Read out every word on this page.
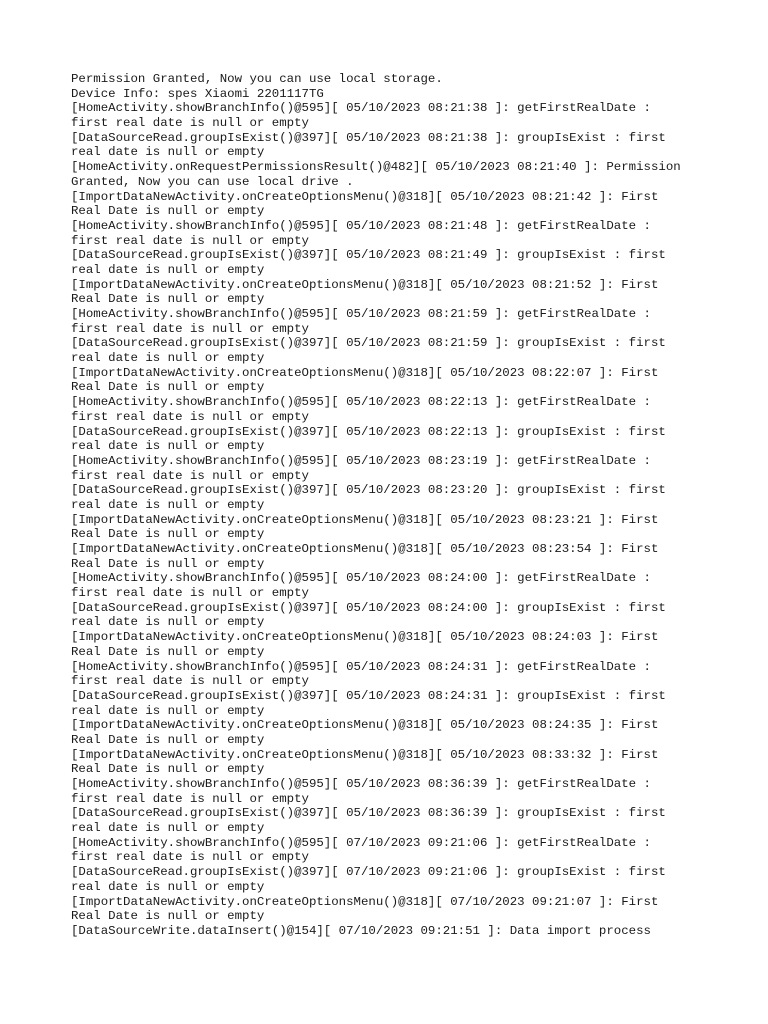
Permission Granted, Now you can use local storage.
Device Info: spes Xiaomi 2201117TG
[HomeActivity.showBranchInfo()@595][ 05/10/2023 08:21:38 ]: getFirstRealDate :
first real date is null or empty
[DataSourceRead.groupIsExist()@397][ 05/10/2023 08:21:38 ]: groupIsExist : first
real date is null or empty
[HomeActivity.onRequestPermissionsResult()@482][ 05/10/2023 08:21:40 ]: Permission
Granted, Now you can use local drive .
[ImportDataNewActivity.onCreateOptionsMenu()@318][ 05/10/2023 08:21:42 ]: First
Real Date is null or empty
[HomeActivity.showBranchInfo()@595][ 05/10/2023 08:21:48 ]: getFirstRealDate :
first real date is null or empty
[DataSourceRead.groupIsExist()@397][ 05/10/2023 08:21:49 ]: groupIsExist : first
real date is null or empty
[ImportDataNewActivity.onCreateOptionsMenu()@318][ 05/10/2023 08:21:52 ]: First
Real Date is null or empty
[HomeActivity.showBranchInfo()@595][ 05/10/2023 08:21:59 ]: getFirstRealDate :
first real date is null or empty
[DataSourceRead.groupIsExist()@397][ 05/10/2023 08:21:59 ]: groupIsExist : first
real date is null or empty
[ImportDataNewActivity.onCreateOptionsMenu()@318][ 05/10/2023 08:22:07 ]: First
Real Date is null or empty
[HomeActivity.showBranchInfo()@595][ 05/10/2023 08:22:13 ]: getFirstRealDate :
first real date is null or empty
[DataSourceRead.groupIsExist()@397][ 05/10/2023 08:22:13 ]: groupIsExist : first
real date is null or empty
[HomeActivity.showBranchInfo()@595][ 05/10/2023 08:23:19 ]: getFirstRealDate :
first real date is null or empty
[DataSourceRead.groupIsExist()@397][ 05/10/2023 08:23:20 ]: groupIsExist : first
real date is null or empty
[ImportDataNewActivity.onCreateOptionsMenu()@318][ 05/10/2023 08:23:21 ]: First
Real Date is null or empty
[ImportDataNewActivity.onCreateOptionsMenu()@318][ 05/10/2023 08:23:54 ]: First
Real Date is null or empty
[HomeActivity.showBranchInfo()@595][ 05/10/2023 08:24:00 ]: getFirstRealDate :
first real date is null or empty
[DataSourceRead.groupIsExist()@397][ 05/10/2023 08:24:00 ]: groupIsExist : first
real date is null or empty
[ImportDataNewActivity.onCreateOptionsMenu()@318][ 05/10/2023 08:24:03 ]: First
Real Date is null or empty
[HomeActivity.showBranchInfo()@595][ 05/10/2023 08:24:31 ]: getFirstRealDate :
first real date is null or empty
[DataSourceRead.groupIsExist()@397][ 05/10/2023 08:24:31 ]: groupIsExist : first
real date is null or empty
[ImportDataNewActivity.onCreateOptionsMenu()@318][ 05/10/2023 08:24:35 ]: First
Real Date is null or empty
[ImportDataNewActivity.onCreateOptionsMenu()@318][ 05/10/2023 08:33:32 ]: First
Real Date is null or empty
[HomeActivity.showBranchInfo()@595][ 05/10/2023 08:36:39 ]: getFirstRealDate :
first real date is null or empty
[DataSourceRead.groupIsExist()@397][ 05/10/2023 08:36:39 ]: groupIsExist : first
real date is null or empty
[HomeActivity.showBranchInfo()@595][ 07/10/2023 09:21:06 ]: getFirstRealDate :
first real date is null or empty
[DataSourceRead.groupIsExist()@397][ 07/10/2023 09:21:06 ]: groupIsExist : first
real date is null or empty
[ImportDataNewActivity.onCreateOptionsMenu()@318][ 07/10/2023 09:21:07 ]: First
Real Date is null or empty
[DataSourceWrite.dataInsert()@154][ 07/10/2023 09:21:51 ]: Data import process
